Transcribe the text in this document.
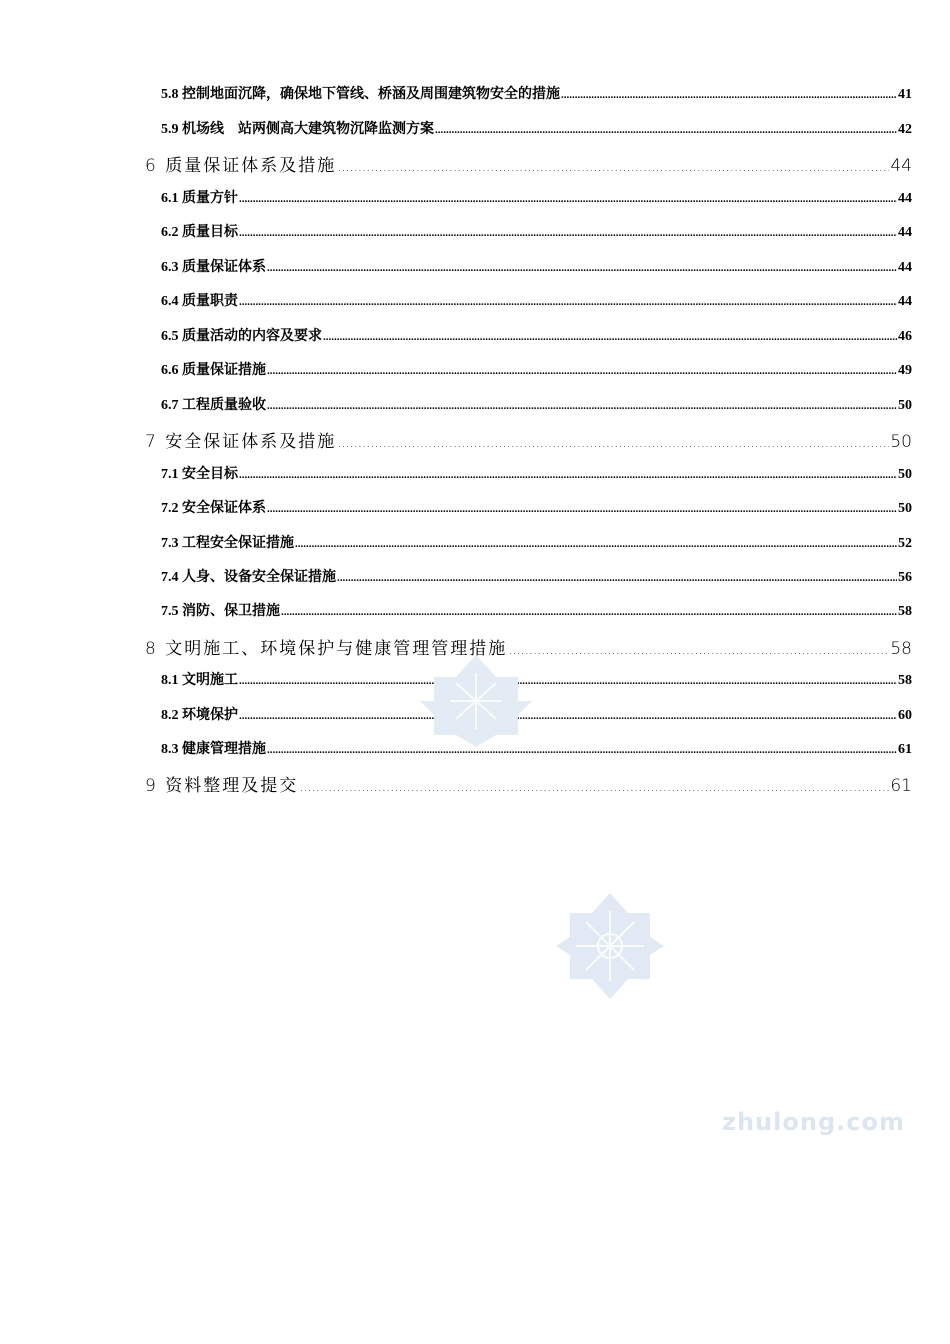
5.8 控制地面沉降，确保地下管线、桥涵及周围建筑物安全的措施 .....	41
5.9 机场线　站两侧高大建筑物沉降监测方案 .....	42
6 质量保证体系及措施 .....	44
6.1 质量方针 .....	44
6.2 质量目标 .....	44
6.3 质量保证体系 .....	44
6.4 质量职责 .....	44
6.5 质量活动的内容及要求 .....	46
6.6 质量保证措施 .....	49
6.7 工程质量验收 .....	50
7 安全保证体系及措施 .....	50
7.1 安全目标 .....	50
7.2 安全保证体系 .....	50
7.3 工程安全保证措施 .....	52
7.4 人身、设备安全保证措施 .....	56
7.5 消防、保卫措施 .....	58
8 文明施工、环境保护与健康管理管理措施 .....	58
8.1 文明施工 .....	58
8.2 环境保护 .....	60
8.3 健康管理措施 .....	61
9 资料整理及提交 .....	61
zhulong.com
